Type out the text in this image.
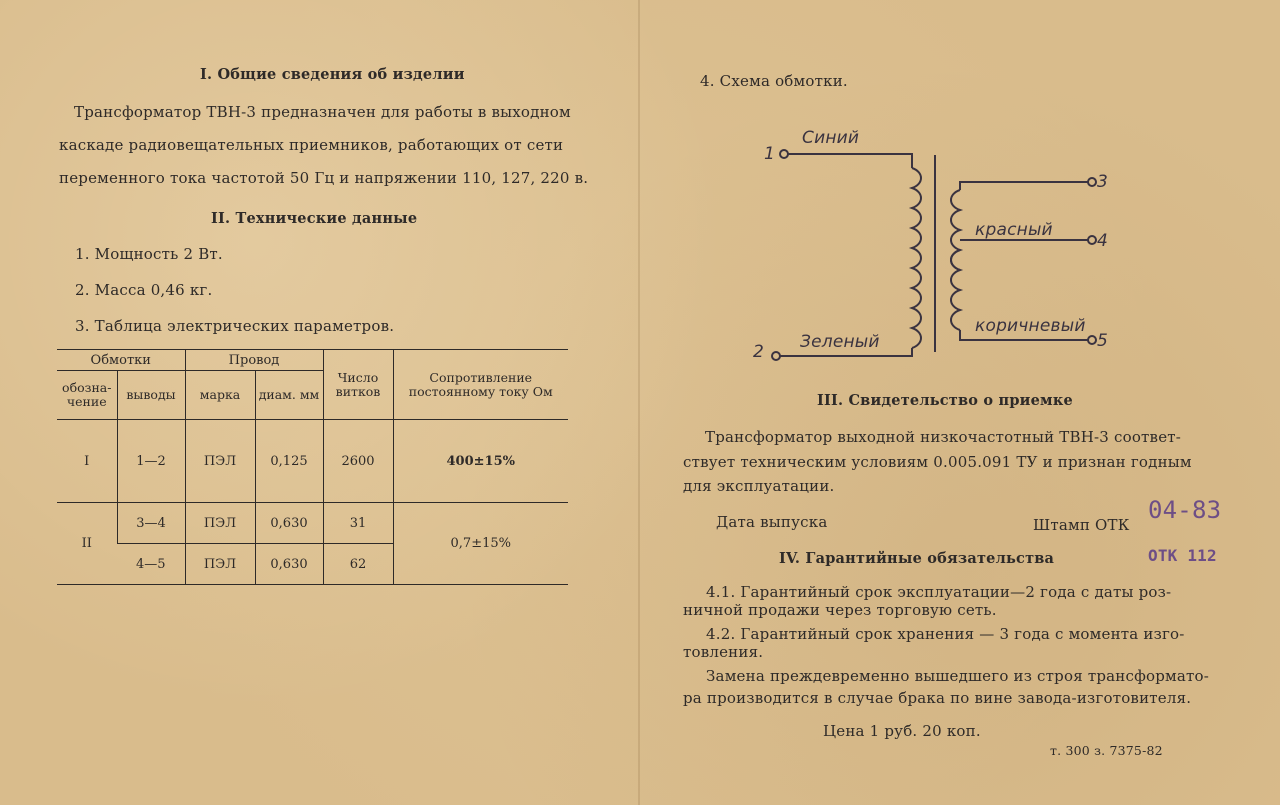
I. Общие сведения об изделии
Трансформатор ТВН-3 предназначен для работы в выходном
каскаде радиовещательных приемников, работающих от сети
переменного тока частотой 50 Гц и напряжении 110, 127, 220 в.
II. Технические данные
1. Мощность 2 Вт.
2. Масса 0,46 кг.
3. Таблица электрических параметров.
Обмотки		Провод		Число витков	Сопротивление постоянному току Ом
обозна-чение	выводы	марка	диам. мм		
I	1—2	ПЭЛ	0,125	2600	400±15%
II	3—4	ПЭЛ	0,630	31	0,7±15%
	4—5	ПЭЛ	0,630	62	
4. Схема обмотки.
1
Синий
2 Зеленый
3
красный
4
коричневый
5
III. Свидетельство о приемке
Трансформатор выходной низкочастотный ТВН-3 соответ-
ствует техническим условиям 0.005.091 ТУ и признан годным
для эксплуатации.
Дата выпуска	Штамп ОТК
04-83
ОТК 112
IV. Гарантийные обязательства
4.1. Гарантийный срок эксплуатации—2 года с даты роз-
ничной продажи через торговую сеть.
4.2. Гарантийный срок хранения — 3 года с момента изго-
товления.
Замена преждевременно вышедшего из строя трансформато-
ра производится в случае брака по вине завода-изготовителя.
Цена 1 руб. 20 коп.
т. 300 з. 7375-82
